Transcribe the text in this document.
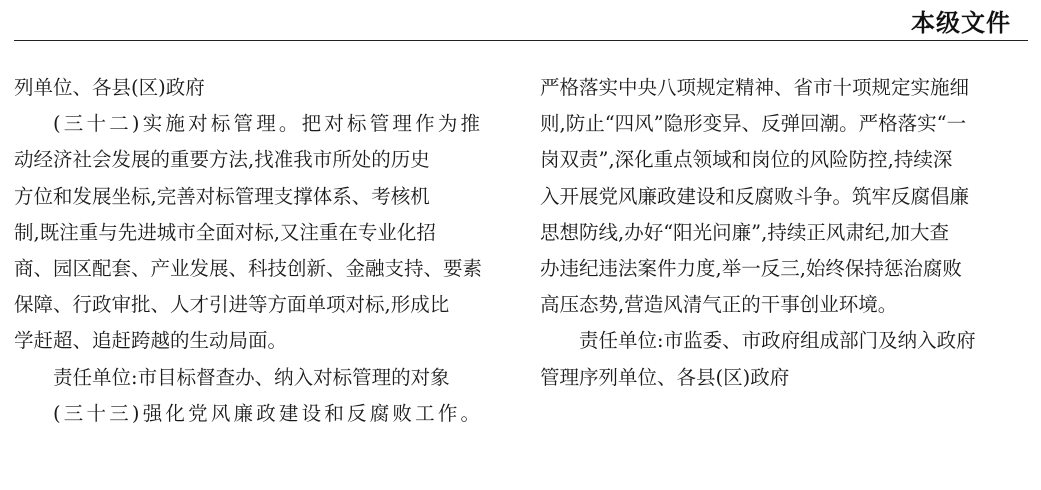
本级文件
列单位、各县(区)政府
(三十二)实施对标管理。把对标管理作为推
动经济社会发展的重要方法,找准我市所处的历史
方位和发展坐标,完善对标管理支撑体系、考核机
制,既注重与先进城市全面对标,又注重在专业化招
商、园区配套、产业发展、科技创新、金融支持、要素
保障、行政审批、人才引进等方面单项对标,形成比
学赶超、追赶跨越的生动局面。
责任单位:市目标督查办、纳入对标管理的对象
(三十三)强化党风廉政建设和反腐败工作。
严格落实中央八项规定精神、省市十项规定实施细
则,防止“四风”隐形变异、反弹回潮。严格落实“一
岗双责”,深化重点领域和岗位的风险防控,持续深
入开展党风廉政建设和反腐败斗争。筑牢反腐倡廉
思想防线,办好“阳光问廉”,持续正风肃纪,加大查
办违纪违法案件力度,举一反三,始终保持惩治腐败
高压态势,营造风清气正的干事创业环境。
责任单位:市监委、市政府组成部门及纳入政府
管理序列单位、各县(区)政府
